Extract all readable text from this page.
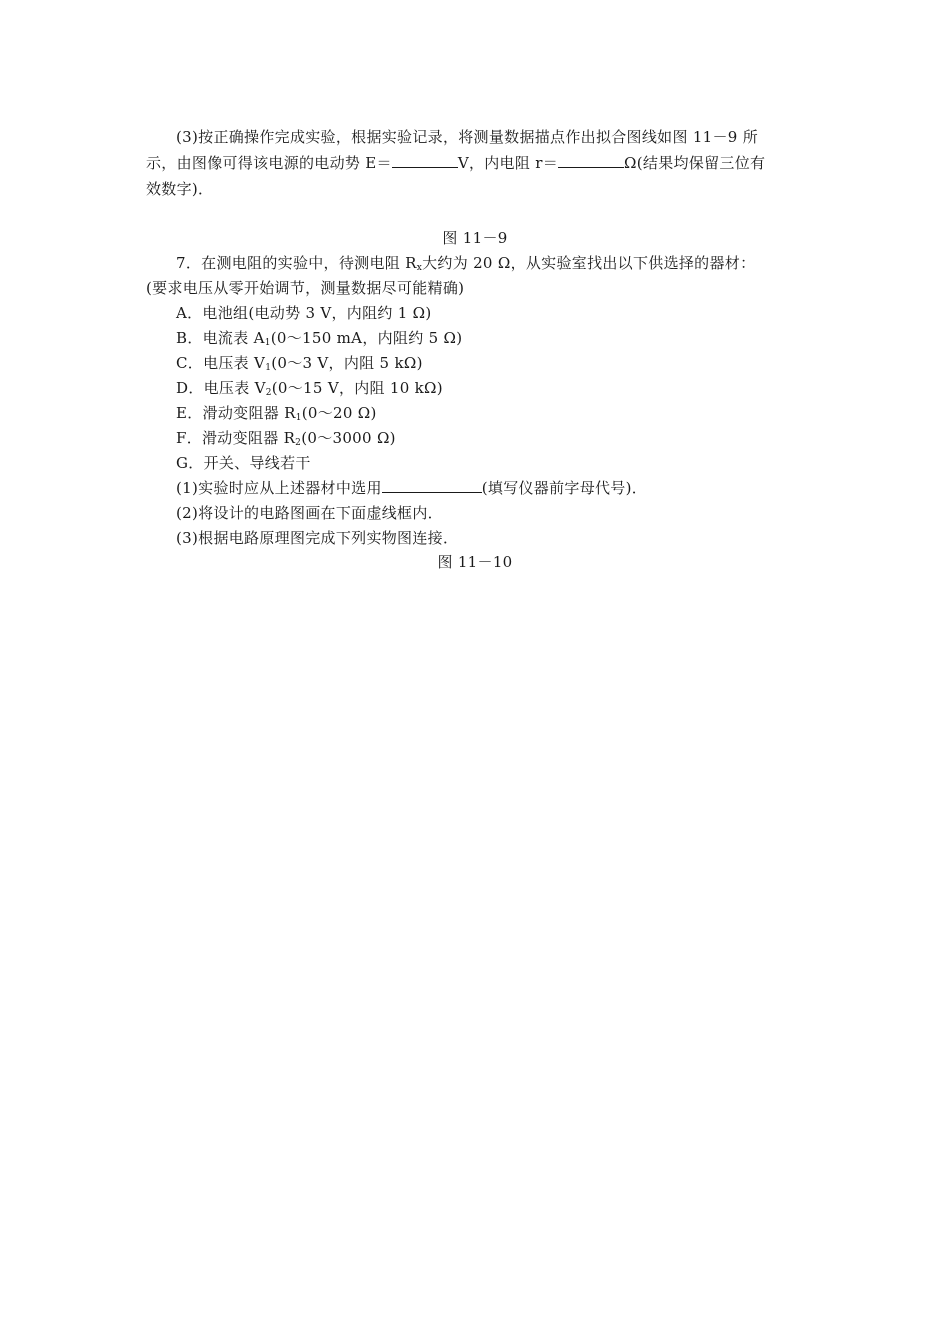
(3)按正确操作完成实验，根据实验记录，将测量数据描点作出拟合图线如图 11－9 所
示，由图像可得该电源的电动势 E＝	V，内电阻 r＝	Ω(结果均保留三位有
效数字)．
图 11－9
7．在测电阻的实验中，待测电阻 $R_x$大约为 20 Ω，从实验室找出以下供选择的器材：
(要求电压从零开始调节，测量数据尽可能精确)
A．电池组(电动势 3 V，内阻约 1 Ω)
B．电流表 $A_1(0\sim 150$ mA，内阻约 5 Ω)
C．电压表 $V_1(0\sim 3$ V，内阻 5 kΩ)
D．电压表 $V_2(0\sim 15$ V，内阻 10 kΩ)
E．滑动变阻器 $R_1(0\sim 20$ Ω)
F．滑动变阻器 $R_2(0\sim 3000$ Ω)
G．开关、导线若干
(1)实验时应从上述器材中选用	(填写仪器前字母代号)．
(2)将设计的电路图画在下面虚线框内．
(3)根据电路原理图完成下列实物图连接．
图 11－10
